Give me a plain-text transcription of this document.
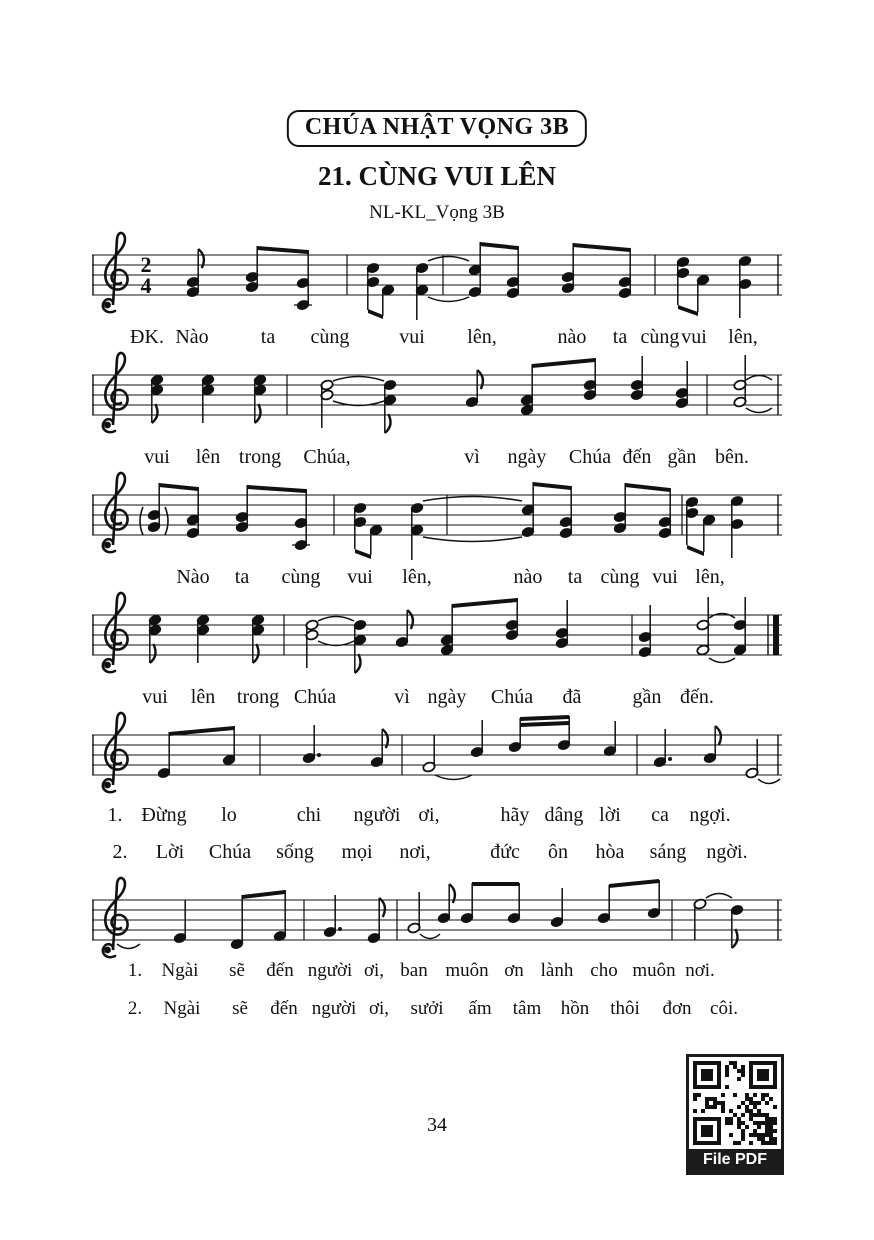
CHÚA NHẬT VỌNG 3B
21. CÙNG VUI LÊN
NL-KL_Vọng 3B
2
4
ĐK. Nào	ta cùng vui lên,	nào ta cùng vui lên,
vui lên trong Chúa,	vì ngày Chúa đến gần bên.
Nào ta cùng vui lên,	nào ta cùng vui lên,
vui lên trong Chúa	vì ngày Chúa đã	gần đến.
1. Đừng lo	chi người ơi,	hãy dâng lời ca ngợi.
2. Lời Chúa sống mọi nơi,	đức ôn hòa sáng ngời.
1. Ngài sẽ đến người ơi, ban muôn ơn lành cho muôn nơi.
2. Ngài sẽ đến người ơi, sưởi ấm tâm hồn thôi đơn côi.
34
File PDF
